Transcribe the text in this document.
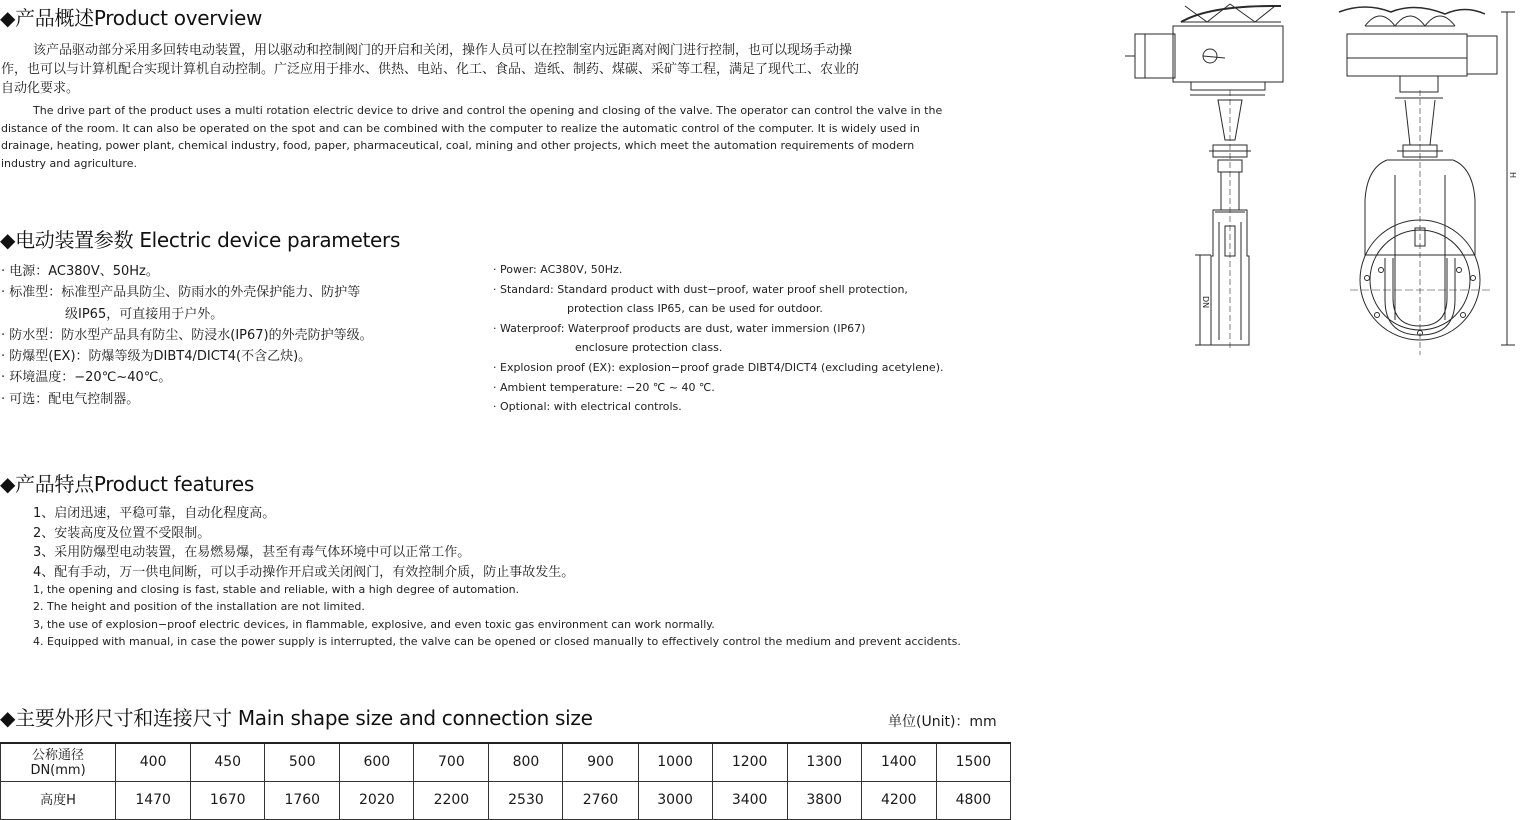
◆产品概述Product overview

该产品驱动部分采用多回转电动装置，用以驱动和控制阀门的开启和关闭，操作人员可以在控制室内远距离对阀门进行控制，也可以现场手动操

作，也可以与计算机配合实现计算机自动控制。广泛应用于排水、供热、电站、化工、食品、造纸、制药、煤碳、采矿等工程，满足了现代工、农业的

自动化要求。

The drive part of the product uses a multi rotation electric device to drive and control the opening and closing of the valve. The operator can control the valve in the

distance of the room. It can also be operated on the spot and can be combined with the computer to realize the automatic control of the computer. It is widely used in

drainage, heating, power plant, chemical industry, food, paper, pharmaceutical, coal, mining and other projects, which meet the automation requirements of modern

industry and agriculture.

◆电动装置参数 Electric device parameters
· 电源：AC380V、50Hz。
· 标准型：标准型产品具防尘、防雨水的外壳保护能力、防护等
级IP65，可直接用于户外。
· 防水型：防水型产品具有防尘、防浸水(IP67)的外壳防护等级。
· 防爆型(EX)：防爆等级为DIBT4/DICT4(不含乙炔)。
· 环境温度：−20℃~40℃。
· 可选：配电气控制器。
· Power: AC380V, 50Hz.
· Standard: Standard product with dust−proof, water proof shell protection,
protection class IP65, can be used for outdoor.
· Waterproof: Waterproof products are dust, water immersion (IP67)
enclosure protection class.
· Explosion proof (EX): explosion−proof grade DIBT4/DICT4 (excluding acetylene).
· Ambient temperature: −20 ℃ ~ 40 ℃.
· Optional: with electrical controls.
◆产品特点Product features
1、启闭迅速，平稳可靠，自动化程度高。
2、安装高度及位置不受限制。
3、采用防爆型电动装置，在易燃易爆，甚至有毒气体环境中可以正常工作。
4、配有手动，万一供电间断，可以手动操作开启或关闭阀门，有效控制介质，防止事故发生。
1, the opening and closing is fast, stable and reliable, with a high degree of automation.
2. The height and position of the installation are not limited.
3, the use of explosion−proof electric devices, in flammable, explosive, and even toxic gas environment can work normally.
4. Equipped with manual, in case the power supply is interrupted, the valve can be opened or closed manually to effectively control the medium and prevent accidents.
◆主要外形尺寸和连接尺寸 Main shape size and connection size	单位(Unit)：mm
公称通径
DN(mm)	400	450	500	600	700	800	900	1000	1200	1300	1400	1500
高度H	1470	1670	1760	2020	2200	2530	2760	3000	3400	3800	4200	4800
DN
H
